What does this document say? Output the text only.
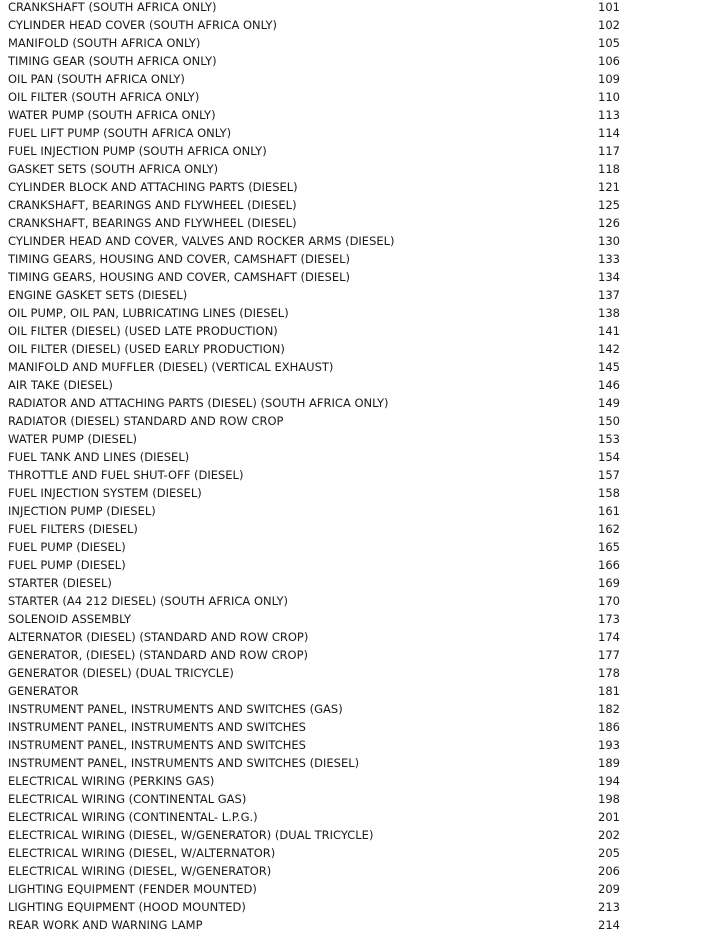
CRANKSHAFT (SOUTH AFRICA ONLY)	101
CYLINDER HEAD COVER (SOUTH AFRICA ONLY)	102
MANIFOLD (SOUTH AFRICA ONLY)	105
TIMING GEAR (SOUTH AFRICA ONLY)	106
OIL PAN (SOUTH AFRICA ONLY)	109
OIL FILTER (SOUTH AFRICA ONLY)	110
WATER PUMP (SOUTH AFRICA ONLY)	113
FUEL LIFT PUMP (SOUTH AFRICA ONLY)	114
FUEL INJECTION PUMP (SOUTH AFRICA ONLY)	117
GASKET SETS (SOUTH AFRICA ONLY)	118
CYLINDER BLOCK AND ATTACHING PARTS (DIESEL)	121
CRANKSHAFT, BEARINGS AND FLYWHEEL (DIESEL)	125
CRANKSHAFT, BEARINGS AND FLYWHEEL (DIESEL)	126
CYLINDER HEAD AND COVER, VALVES AND ROCKER ARMS (DIESEL)	130
TIMING GEARS, HOUSING AND COVER, CAMSHAFT (DIESEL)	133
TIMING GEARS, HOUSING AND COVER, CAMSHAFT (DIESEL)	134
ENGINE GASKET SETS (DIESEL)	137
OIL PUMP, OIL PAN, LUBRICATING LINES (DIESEL)	138
OIL FILTER (DIESEL) (USED LATE PRODUCTION)	141
OIL FILTER (DIESEL) (USED EARLY PRODUCTION)	142
MANIFOLD AND MUFFLER (DIESEL) (VERTICAL EXHAUST)	145
AIR TAKE (DIESEL)	146
RADIATOR AND ATTACHING PARTS (DIESEL) (SOUTH AFRICA ONLY)	149
RADIATOR (DIESEL) STANDARD AND ROW CROP	150
WATER PUMP (DIESEL)	153
FUEL TANK AND LINES (DIESEL)	154
THROTTLE AND FUEL SHUT-OFF (DIESEL)	157
FUEL INJECTION SYSTEM (DIESEL)	158
INJECTION PUMP (DIESEL)	161
FUEL FILTERS (DIESEL)	162
FUEL PUMP (DIESEL)	165
FUEL PUMP (DIESEL)	166
STARTER (DIESEL)	169
STARTER (A4 212 DIESEL) (SOUTH AFRICA ONLY)	170
SOLENOID ASSEMBLY	173
ALTERNATOR (DIESEL) (STANDARD AND ROW CROP)	174
GENERATOR, (DIESEL) (STANDARD AND ROW CROP)	177
GENERATOR (DIESEL) (DUAL TRICYCLE)	178
GENERATOR	181
INSTRUMENT PANEL, INSTRUMENTS AND SWITCHES (GAS)	182
INSTRUMENT PANEL, INSTRUMENTS AND SWITCHES	186
INSTRUMENT PANEL, INSTRUMENTS AND SWITCHES	193
INSTRUMENT PANEL, INSTRUMENTS AND SWITCHES (DIESEL)	189
ELECTRICAL WIRING (PERKINS GAS)	194
ELECTRICAL WIRING (CONTINENTAL GAS)	198
ELECTRICAL WIRING (CONTINENTAL- L.P.G.)	201
ELECTRICAL WIRING (DIESEL, W/GENERATOR) (DUAL TRICYCLE)	202
ELECTRICAL WIRING (DIESEL, W/ALTERNATOR)	205
ELECTRICAL WIRING (DIESEL, W/GENERATOR)	206
LIGHTING EQUIPMENT (FENDER MOUNTED)	209
LIGHTING EQUIPMENT (HOOD MOUNTED)	213
REAR WORK AND WARNING LAMP	214
